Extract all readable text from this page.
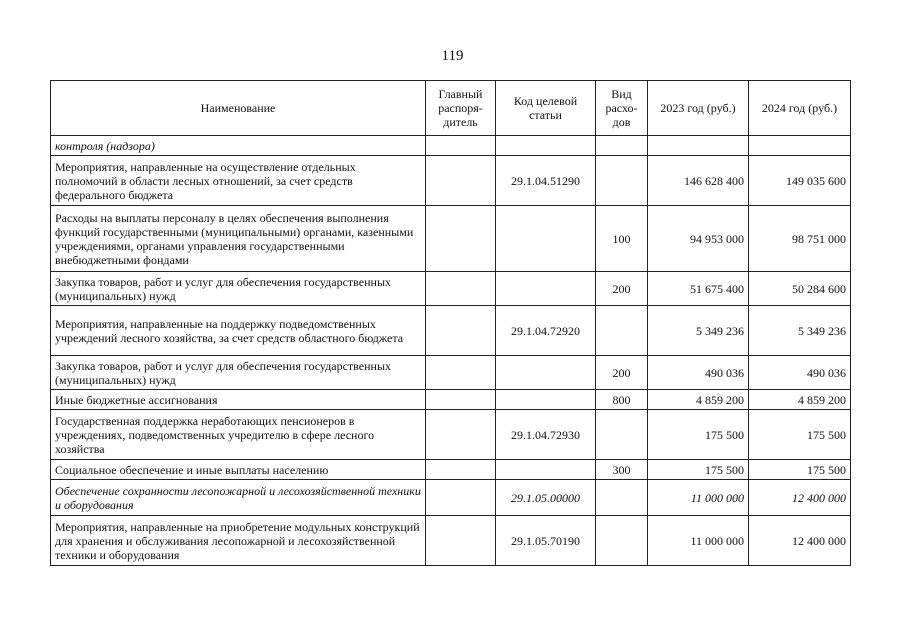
119
Наименование	Главный распоря-дитель	Код целевой статьи	Вид расхо-дов	2023 год (руб.)	2024 год (руб.)
контроля (надзора)					
Мероприятия, направленные на осуществление отдельных полномочий в области лесных отношений, за счет средств федерального бюджета		29.1.04.51290		146 628 400	149 035 600
Расходы на выплаты персоналу в целях обеспечения выполнения функций государственными (муниципальными) органами, казенными учреждениями, органами управления государственными внебюджетными фондами			100	94 953 000	98 751 000
Закупка товаров, работ и услуг для обеспечения государственных (муниципальных) нужд			200	51 675 400	50 284 600
Мероприятия, направленные на поддержку подведомственных учреждений лесного хозяйства, за счет средств областного бюджета		29.1.04.72920		5 349 236	5 349 236
Закупка товаров, работ и услуг для обеспечения государственных (муниципальных) нужд			200	490 036	490 036
Иные бюджетные ассигнования			800	4 859 200	4 859 200
Государственная поддержка неработающих пенсионеров в учреждениях, подведомственных учредителю в сфере лесного хозяйства		29.1.04.72930		175 500	175 500
Социальное обеспечение и иные выплаты населению			300	175 500	175 500
Обеспечение сохранности лесопожарной и лесохозяйственной техники и оборудования		29.1.05.00000		11 000 000	12 400 000
Мероприятия, направленные на приобретение модульных конструкций для хранения и обслуживания лесопожарной и лесохозяйственной техники и оборудования		29.1.05.70190		11 000 000	12 400 000
